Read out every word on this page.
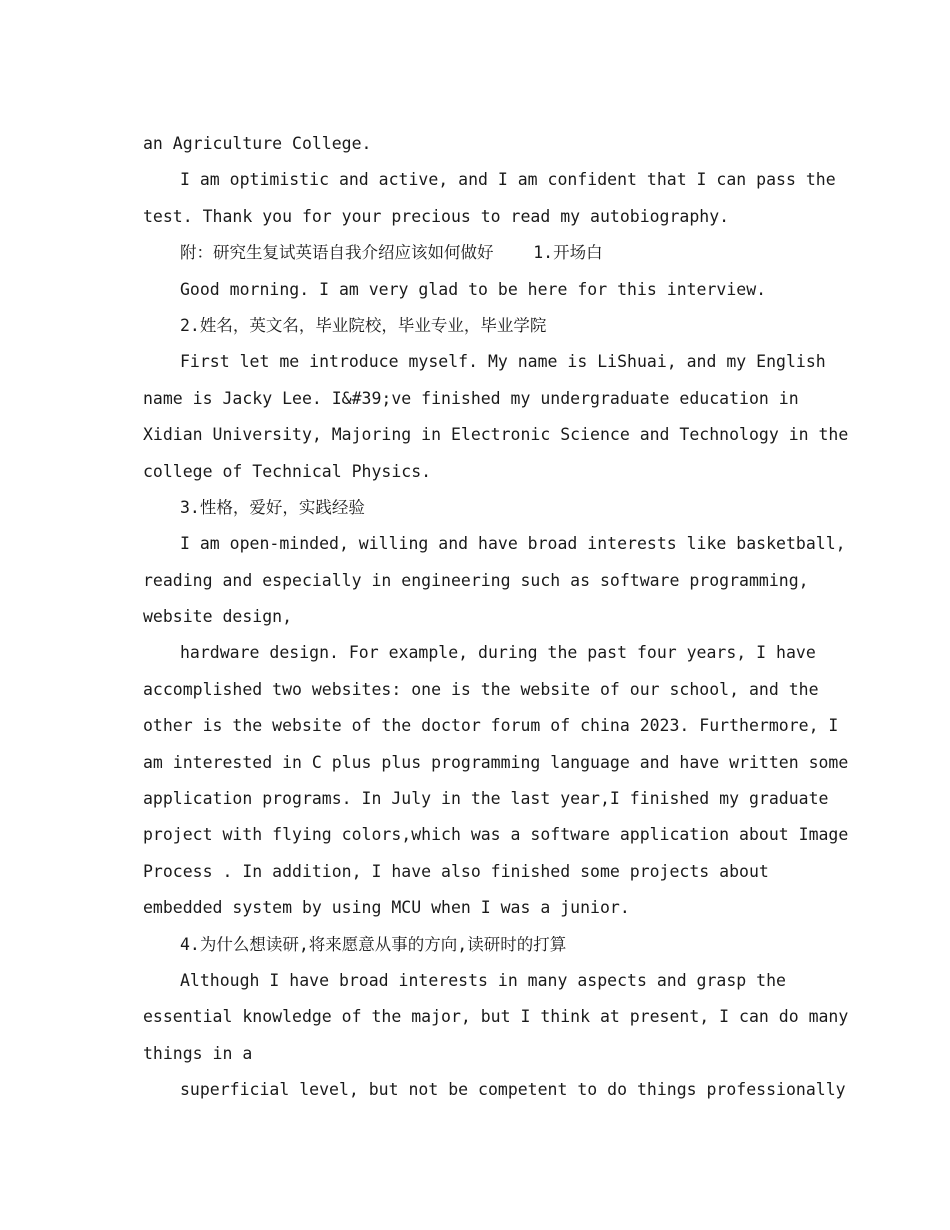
an Agriculture College.
I am optimistic and active, and I am confident that I can pass the
test. Thank you for your precious to read my autobiography.
附：研究生复试英语自我介绍应该如何做好    1.开场白
Good morning. I am very glad to be here for this interview.
2.姓名，英文名，毕业院校，毕业专业，毕业学院
First let me introduce myself. My name is LiShuai, and my English
name is Jacky Lee. I&#39;ve finished my undergraduate education in
Xidian University, Majoring in Electronic Science and Technology in the
college of Technical Physics.
3.性格，爱好，实践经验
I am open-minded, willing and have broad interests like basketball,
reading and especially in engineering such as software programming,
website design,
hardware design. For example, during the past four years, I have
accomplished two websites: one is the website of our school, and the
other is the website of the doctor forum of china 2023. Furthermore, I
am interested in C plus plus programming language and have written some
application programs. In July in the last year,I finished my graduate
project with flying colors,which was a software application about Image
Process . In addition, I have also finished some projects about
embedded system by using MCU when I was a junior.
4.为什么想读研,将来愿意从事的方向,读研时的打算
Although I have broad interests in many aspects and grasp the
essential knowledge of the major, but I think at present, I can do many
things in a
superficial level, but not be competent to do things professionally
